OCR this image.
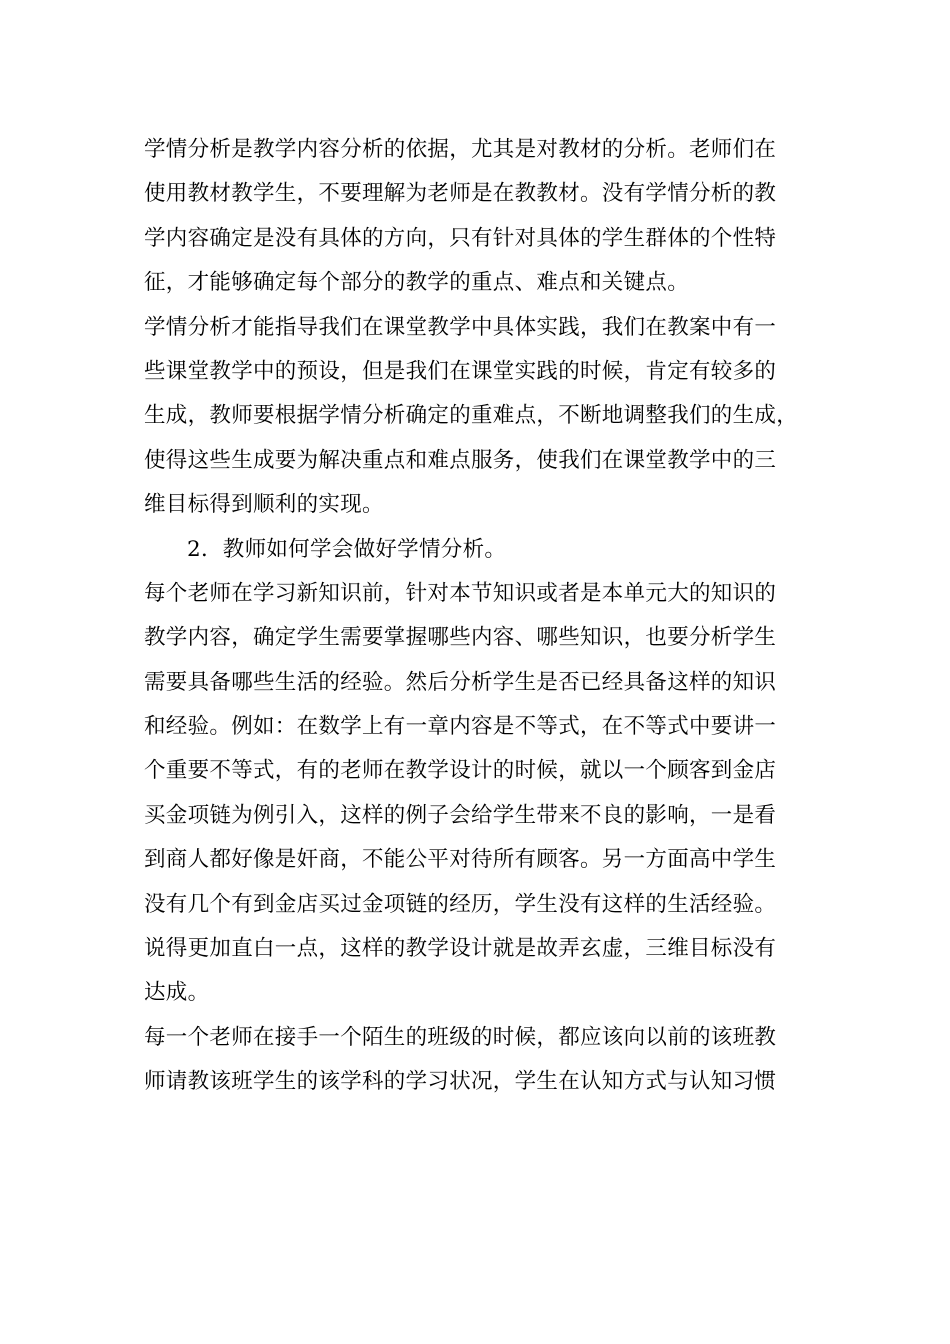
学情分析是教学内容分析的依据，尤其是对教材的分析。老师们在
使用教材教学生，不要理解为老师是在教教材。没有学情分析的教
学内容确定是没有具体的方向，只有针对具体的学生群体的个性特
征，才能够确定每个部分的教学的重点、难点和关键点。
学情分析才能指导我们在课堂教学中具体实践，我们在教案中有一
些课堂教学中的预设，但是我们在课堂实践的时候，肯定有较多的
生成，教师要根据学情分析确定的重难点，不断地调整我们的生成，
使得这些生成要为解决重点和难点服务，使我们在课堂教学中的三
维目标得到顺利的实现。
2．教师如何学会做好学情分析。
每个老师在学习新知识前，针对本节知识或者是本单元大的知识的
教学内容，确定学生需要掌握哪些内容、哪些知识，也要分析学生
需要具备哪些生活的经验。然后分析学生是否已经具备这样的知识
和经验。例如：在数学上有一章内容是不等式，在不等式中要讲一
个重要不等式，有的老师在教学设计的时候，就以一个顾客到金店
买金项链为例引入，这样的例子会给学生带来不良的影响，一是看
到商人都好像是奸商，不能公平对待所有顾客。另一方面高中学生
没有几个有到金店买过金项链的经历，学生没有这样的生活经验。
说得更加直白一点，这样的教学设计就是故弄玄虚，三维目标没有
达成。
每一个老师在接手一个陌生的班级的时候，都应该向以前的该班教
师请教该班学生的该学科的学习状况，学生在认知方式与认知习惯
